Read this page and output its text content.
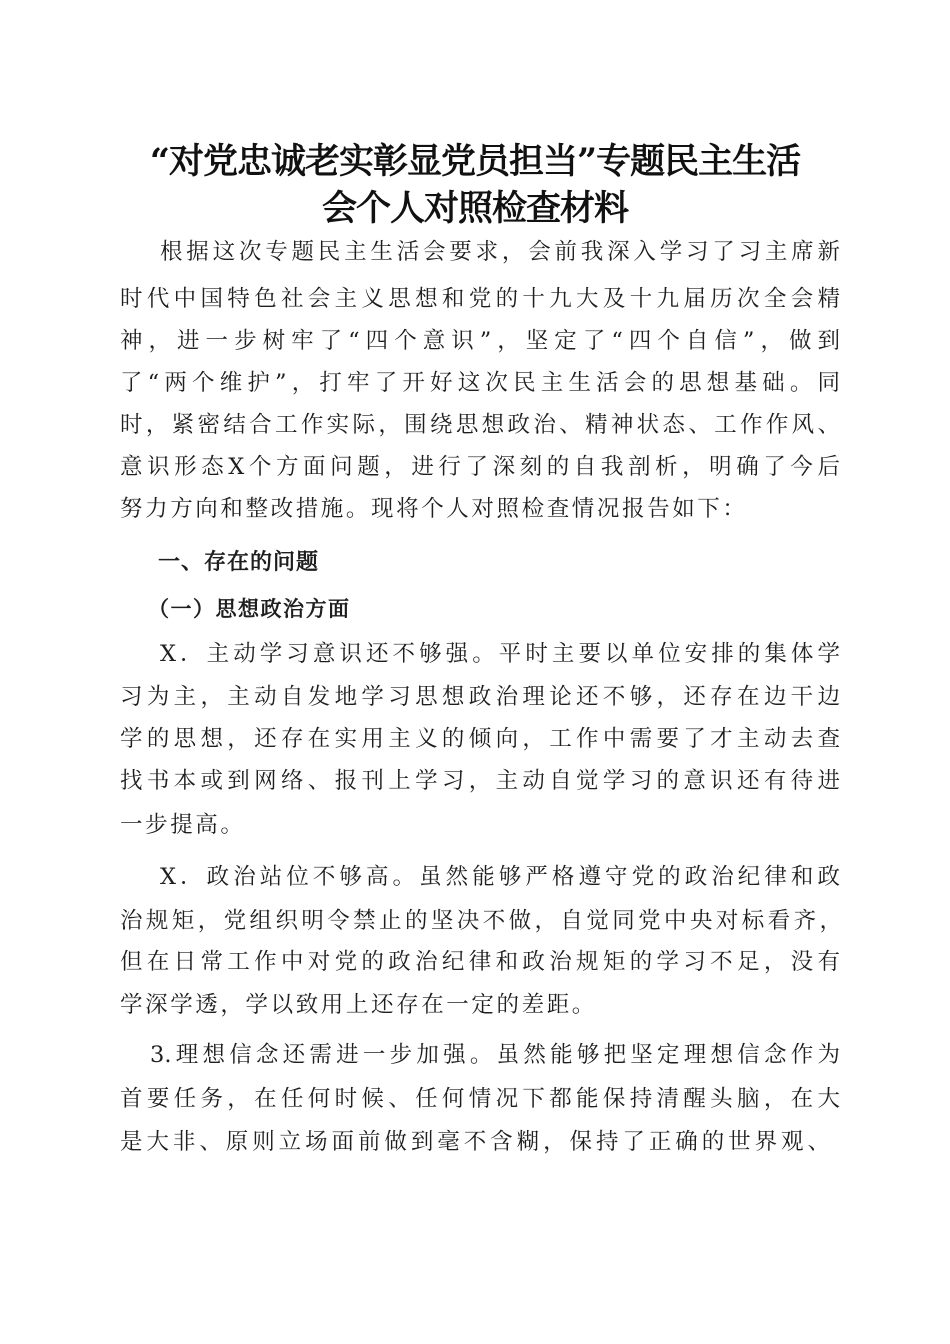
“对党忠诚老实彰显党员担当”专题民主生活
会个人对照检查材料
根据这次专题民主生活会要求，会前我深入学习了习主席新
时代中国特色社会主义思想和党的十九大及十九届历次全会精
神，进一步树牢了“四个意识”，坚定了“四个自信”，做到
了“两个维护”，打牢了开好这次民主生活会的思想基础。同
时，紧密结合工作实际，围绕思想政治、精神状态、工作作风、
意识形态X个方面问题，进行了深刻的自我剖析，明确了今后
努力方向和整改措施。现将个人对照检查情况报告如下：
一、存在的问题
（一）思想政治方面
X．主动学习意识还不够强。平时主要以单位安排的集体学
习为主，主动自发地学习思想政治理论还不够，还存在边干边
学的思想，还存在实用主义的倾向，工作中需要了才主动去查
找书本或到网络、报刊上学习，主动自觉学习的意识还有待进
一步提高。
X．政治站位不够高。虽然能够严格遵守党的政治纪律和政
治规矩，党组织明令禁止的坚决不做，自觉同党中央对标看齐，
但在日常工作中对党的政治纪律和政治规矩的学习不足，没有
学深学透，学以致用上还存在一定的差距。
3.理想信念还需进一步加强。虽然能够把坚定理想信念作为
首要任务，在任何时候、任何情况下都能保持清醒头脑，在大
是大非、原则立场面前做到毫不含糊，保持了正确的世界观、
